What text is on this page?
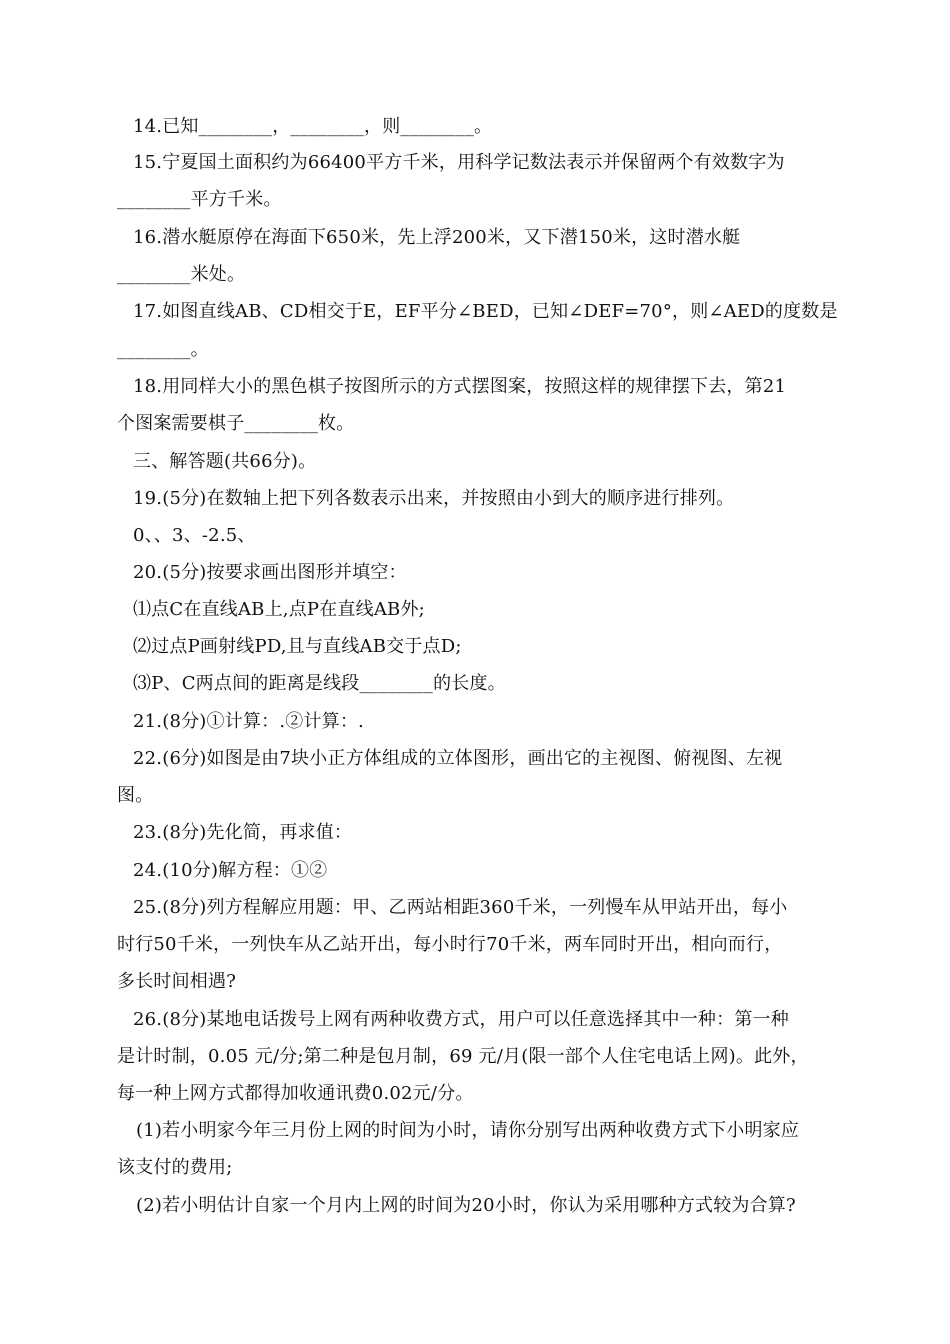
14.已知________，________，则________。
15.宁夏国土面积约为66400平方千米，用科学记数法表示并保留两个有效数字为
________平方千米。
16.潜水艇原停在海面下650米，先上浮200米，又下潜150米，这时潜水艇
________米处。
17.如图直线AB、CD相交于E，EF平分∠BED，已知∠DEF=70°，则∠AED的度数是
________。
18.用同样大小的黑色棋子按图所示的方式摆图案，按照这样的规律摆下去，第21
个图案需要棋子________枚。
三、解答题(共66分)。
19.(5分)在数轴上把下列各数表示出来，并按照由小到大的顺序进行排列。
0、、3、-2.5、
20.(5分)按要求画出图形并填空：
⑴点C在直线AB上,点P在直线AB外;
⑵过点P画射线PD,且与直线AB交于点D;
⑶P、C两点间的距离是线段________的长度。
21.(8分)①计算：.②计算：.
22.(6分)如图是由7块小正方体组成的立体图形，画出它的主视图、俯视图、左视
图。
23.(8分)先化简，再求值：
24.(10分)解方程：①②
25.(8分)列方程解应用题：甲、乙两站相距360千米，一列慢车从甲站开出，每小
时行50千米，一列快车从乙站开出，每小时行70千米，两车同时开出，相向而行，
多长时间相遇?
26.(8分)某地电话拨号上网有两种收费方式，用户可以任意选择其中一种：第一种
是计时制，0.05 元/分;第二种是包月制，69 元/月(限一部个人住宅电话上网)。此外，
每一种上网方式都得加收通讯费0.02元/分。
(1)若小明家今年三月份上网的时间为小时，请你分别写出两种收费方式下小明家应
该支付的费用;
(2)若小明估计自家一个月内上网的时间为20小时，你认为采用哪种方式较为合算?
